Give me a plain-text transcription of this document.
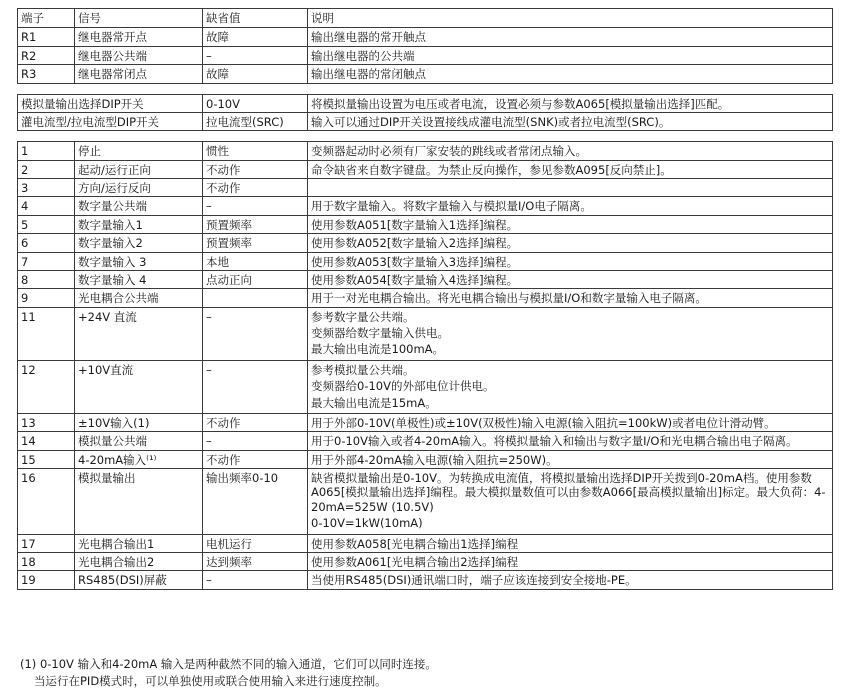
端子	信号	缺省值	说明
R1	继电器常开点	故障	输出继电器的常开触点
R2	继电器公共端	–	输出继电器的公共端
R3	继电器常闭点	故障	输出继电器的常闭触点

模拟量输出选择DIP开关		0-10V	将模拟量输出设置为电压或者电流，设置必须与参数A065[模拟量输出选择]匹配。
灌电流型/拉电流型DIP开关		拉电流型(SRC)	输入可以通过DIP开关设置接线成灌电流型(SNK)或者拉电流型(SRC)。

1	停止	惯性	变频器起动时必须有厂家安装的跳线或者常闭点输入。
2	起动/运行正向	不动作	命令缺省来自数字键盘。为禁止反向操作，参见参数A095[反向禁止]。
3	方向/运行反向	不动作	
4	数字量公共端	–	用于数字量输入。将数字量输入与模拟量I/O电子隔离。
5	数字量输入1	预置频率	使用参数A051[数字量输入1选择]编程。
6	数字量输入2	预置频率	使用参数A052[数字量输入2选择]编程。
7	数字量输入 3	本地	使用参数A053[数字量输入3选择]编程。
8	数字量输入 4	点动正向	使用参数A054[数字量输入4选择]编程。
9	光电耦合公共端		用于一对光电耦合输出。将光电耦合输出与模拟量I/O和数字量输入电子隔离。
11	+24V 直流	–	参考数字量公共端。
变频器给数字量输入供电。
最大输出电流是100mA。

12	+10V直流	–	参考模拟量公共端。
变频器给0-10V的外部电位计供电。
最大输出电流是15mA。

13	±10V输入(1)	不动作	用于外部0-10V(单极性)或±10V(双极性)输入电源(输入阻抗=100kW)或者电位计滑动臂。
14	模拟量公共端	–	用于0-10V输入或者4-20mA输入。将模拟量输入和输出与数字量I/O和光电耦合输出电子隔离。
15	4-20mA输入⁽¹⁾	不动作	用于外部4-20mA输入电源(输入阻抗=250W)。
16	模拟量输出	输出频率0-10	缺省模拟量输出是0-10V。为转换成电流值，将模拟量输出选择DIP开关拨到0-20mA档。使用参数A065[模拟量输出选择]编程。最大模拟量数值可以由参数A066[最高模拟量输出]标定。最大负荷：4-20mA=525W (10.5V)
0-10V=1kW(10mA)

17	光电耦合输出1	电机运行	使用参数A058[光电耦合输出1选择]编程
18	光电耦合输出2	达到频率	使用参数A061[光电耦合输出2选择]编程
19	RS485(DSI)屏蔽	–	当使用RS485(DSI)通讯端口时，端子应该连接到安全接地-PE。
(1) 0-10V 输入和4-20mA 输入是两种截然不同的输入通道，它们可以同时连接。
当运行在PID模式时，可以单独使用或联合使用输入来进行速度控制。
